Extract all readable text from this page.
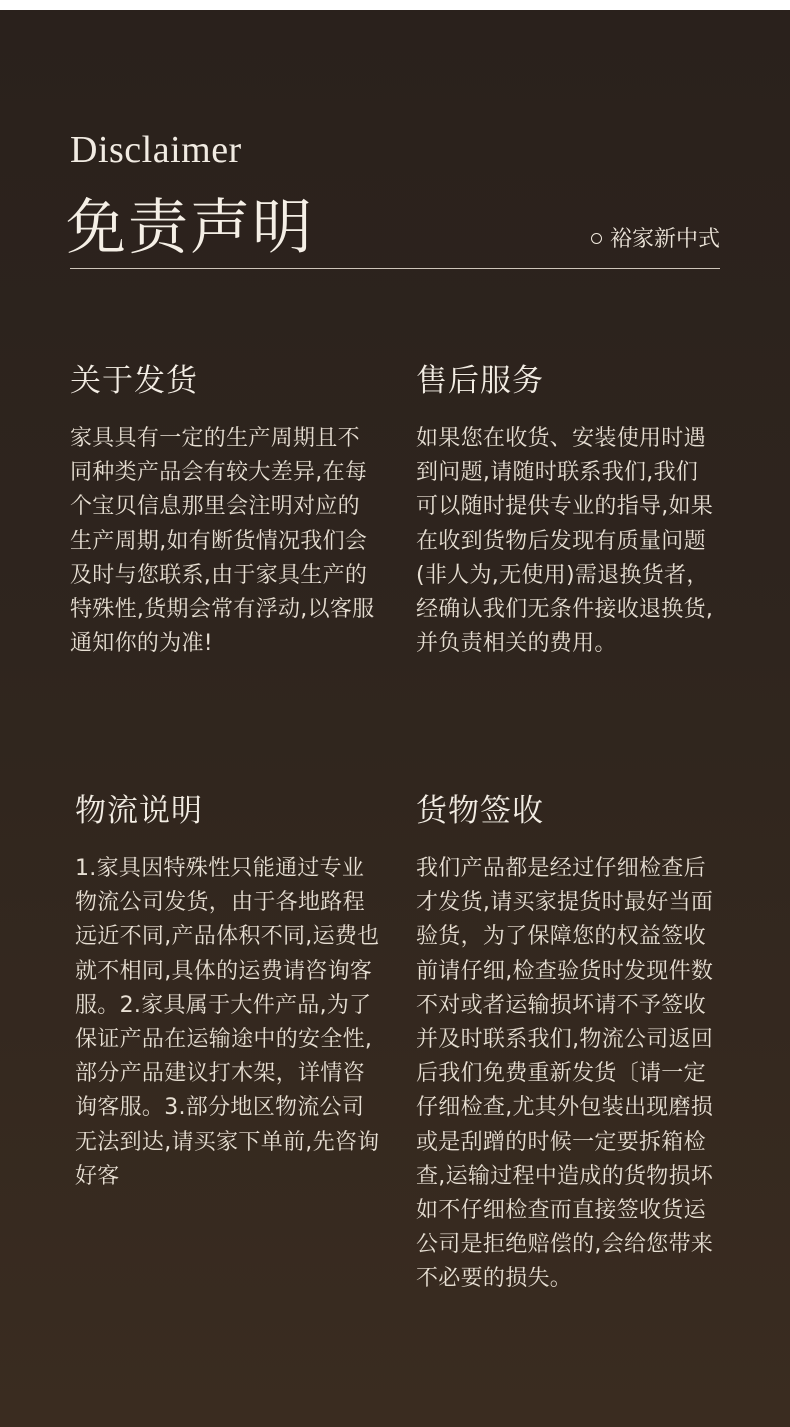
Disclaimer
免责声明	裕家新中式
关于发货

家具具有一定的生产周期且不同种类产品会有较大差异,在每个宝贝信息那里会注明对应的生产周期,如有断货情况我们会及时与您联系,由于家具生产的特殊性,货期会常有浮动,以客服通知你的为准!

售后服务

如果您在收货、安装使用时遇到问题,请随时联系我们,我们可以随时提供专业的指导,如果在收到货物后发现有质量问题(非人为,无使用)需退换货者，经确认我们无条件接收退换货,并负责相关的费用。

物流说明

1.家具因特殊性只能通过专业物流公司发货，由于各地路程远近不同,产品体积不同,运费也就不相同,具体的运费请咨询客服。2.家具属于大件产品,为了保证产品在运输途中的安全性,部分产品建议打木架，详情咨询客服。3.部分地区物流公司无法到达,请买家下单前,先咨询好客

货物签收

我们产品都是经过仔细检查后才发货,请买家提货时最好当面验货，为了保障您的权益签收前请仔细,检查验货时发现件数不对或者运输损坏请不予签收并及时联系我们,物流公司返回后我们免费重新发货〔请一定仔细检查,尤其外包装出现磨损或是刮蹭的时候一定要拆箱检查,运输过程中造成的货物损坏如不仔细检查而直接签收货运公司是拒绝赔偿的,会给您带来不必要的损失。
